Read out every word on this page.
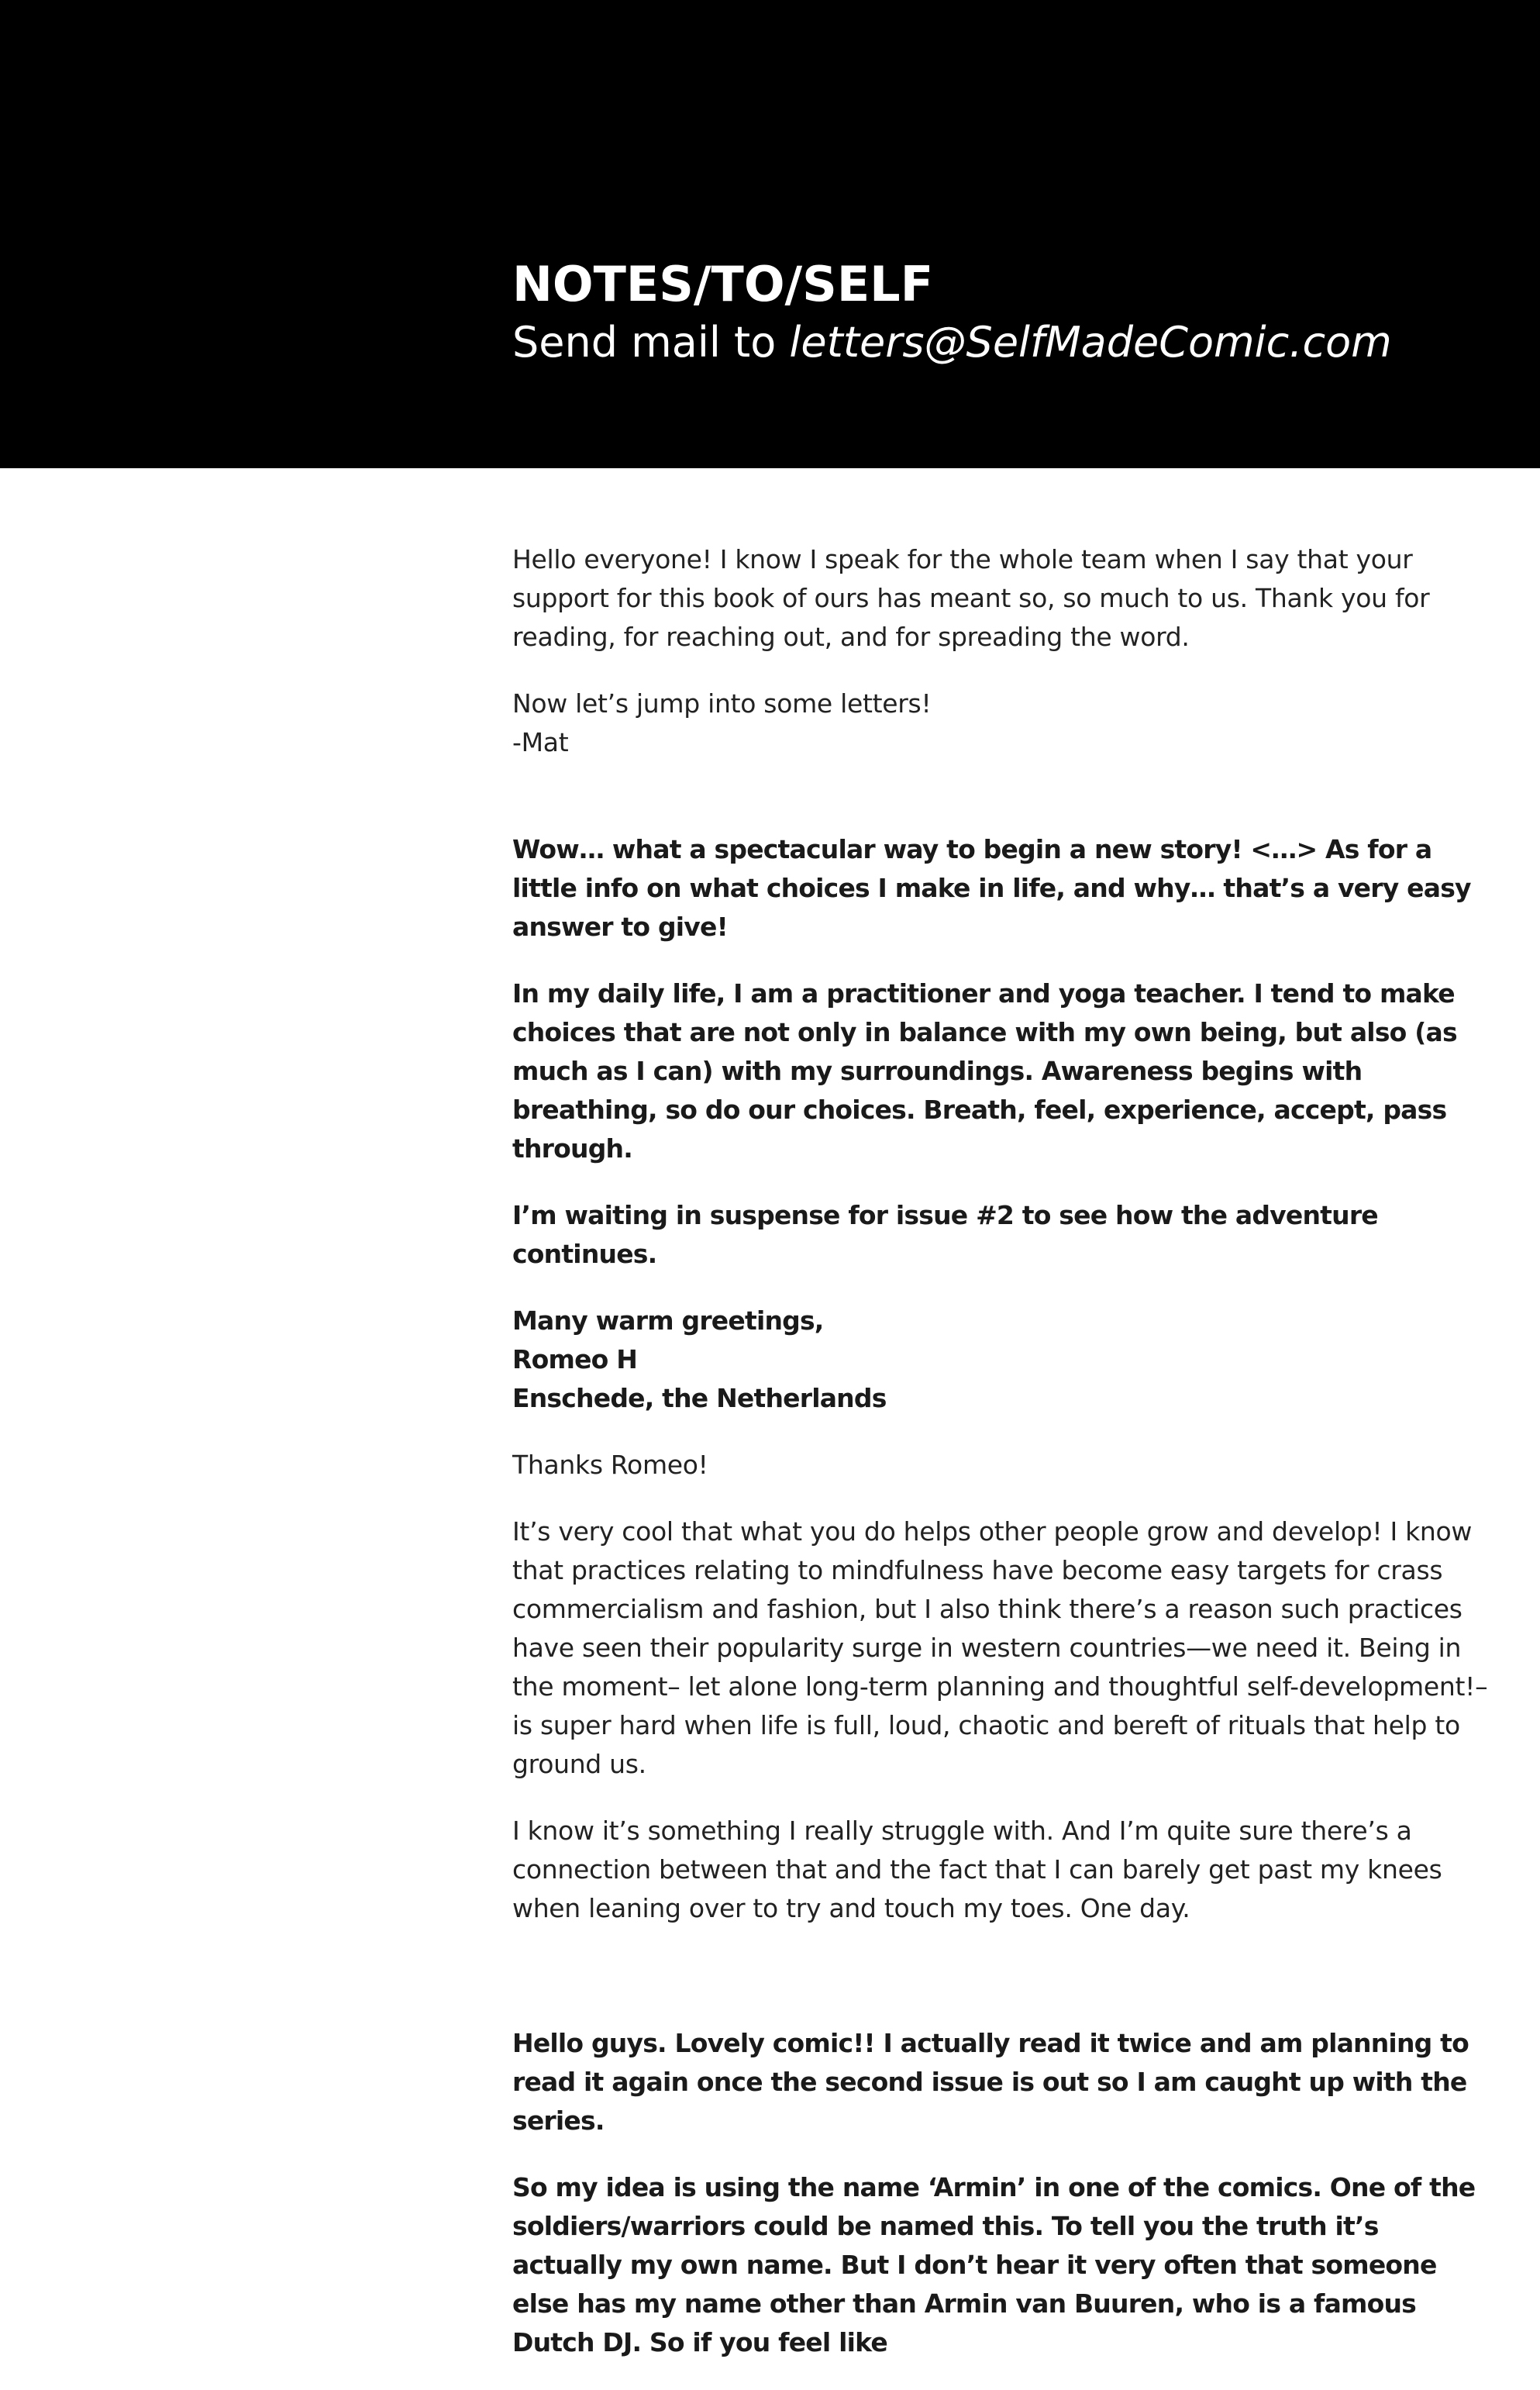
NOTES/TO/SELF
Send mail to letters@SelfMadeComic.com

Hello everyone! I know I speak for the whole team when I say that your support for this book of ours has meant so, so much to us. Thank you for reading, for reaching out, and for spreading the word.

Now let’s jump into some letters!
-Mat

Wow… what a spectacular way to begin a new story! <…> As for a little info on what choices I make in life, and why… that’s a very easy answer to give!

In my daily life, I am a practitioner and yoga teacher. I tend to make choices that are not only in balance with my own being, but also (as much as I can) with my surroundings. Awareness begins with breathing, so do our choices. Breath, feel, experience, accept, pass through.

I’m waiting in suspense for issue #2 to see how the adventure continues.

Many warm greetings,
Romeo H
Enschede, the Netherlands

Thanks Romeo!

It’s very cool that what you do helps other people grow and develop! I know that practices relating to mindfulness have become easy targets for crass commercialism and fashion, but I also think there’s a reason such practices have seen their popularity surge in western countries—we need it. Being in the moment– let alone long-term planning and thoughtful self-development!– is super hard when life is full, loud, chaotic and bereft of rituals that help to ground us.

I know it’s something I really struggle with. And I’m quite sure there’s a connection between that and the fact that I can barely get past my knees when leaning over to try and touch my toes. One day.

Hello guys. Lovely comic!! I actually read it twice and am planning to read it again once the second issue is out so I am caught up with the series.

So my idea is using the name ‘Armin’ in one of the comics. One of the soldiers/warriors could be named this. To tell you the truth it’s actually my own name. But I don’t hear it very often that someone else has my name other than Armin van Buuren, who is a famous Dutch DJ. So if you feel like
